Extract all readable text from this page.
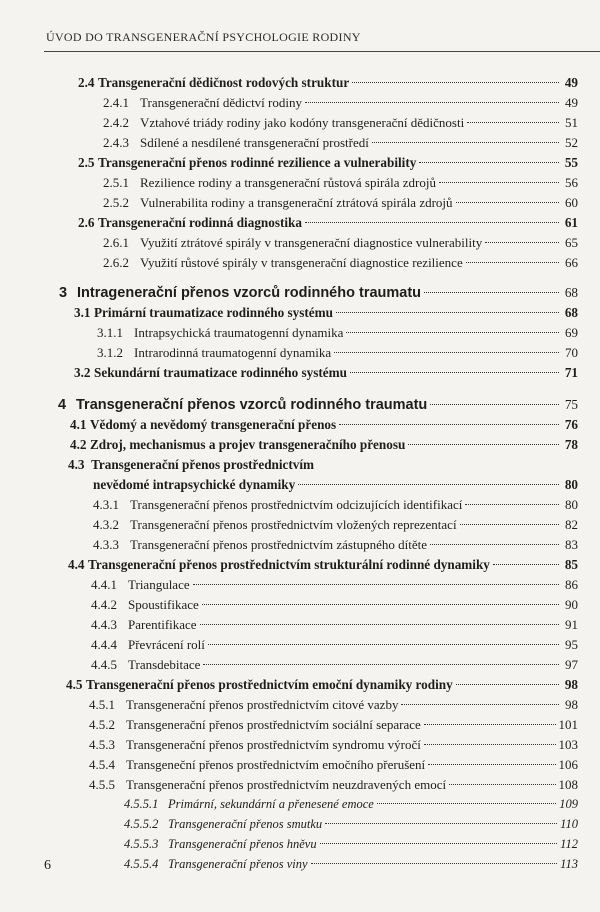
ÚVOD DO TRANSGENERAČNÍ PSYCHOLOGIE RODINY
2.4 Transgenerační dědičnost rodových struktur	49
2.4.1 Transgenerační dědictví rodiny	49
2.4.2 Vztahové triády rodiny jako kodóny transgenerační dědičnosti	51
2.4.3 Sdílené a nesdílené transgenerační prostředí	52
2.5 Transgenerační přenos rodinné rezilience a vulnerability	55
2.5.1 Rezilience rodiny a transgenerační růstová spirála zdrojů	56
2.5.2 Vulnerabilita rodiny a transgenerační ztrátová spirála zdrojů	60
2.6 Transgenerační rodinná diagnostika	61
2.6.1 Využití ztrátové spirály v transgenerační diagnostice vulnerability	65
2.6.2 Využití růstové spirály v transgenerační diagnostice rezilience	66
3 Intragenerační přenos vzorců rodinného traumatu	68
3.1 Primární traumatizace rodinného systému	68
3.1.1 Intrapsychická traumatogenní dynamika	69
3.1.2 Intrarodinná traumatogenní dynamika	70
3.2 Sekundární traumatizace rodinného systému	71
4 Transgenerační přenos vzorců rodinného traumatu	75
4.1 Vědomý a nevědomý transgenerační přenos	76
4.2 Zdroj, mechanismus a projev transgeneračního přenosu	78
4.3 Transgenerační přenos prostřednictvím
nevědomé intrapsychické dynamiky	80
4.3.1 Transgenerační přenos prostřednictvím odcizujících identifikací	80
4.3.2 Transgenerační přenos prostřednictvím vložených reprezentací	82
4.3.3 Transgenerační přenos prostřednictvím zástupného dítěte	83
4.4 Transgenerační přenos prostřednictvím strukturální rodinné dynamiky	85
4.4.1 Triangulace	86
4.4.2 Spoustifikace	90
4.4.3 Parentifikace	91
4.4.4 Převrácení rolí	95
4.4.5 Transdebitace	97
4.5 Transgenerační přenos prostřednictvím emoční dynamiky rodiny	98
4.5.1 Transgenerační přenos prostřednictvím citové vazby	98
4.5.2 Transgenerační přenos prostřednictvím sociální separace	101
4.5.3 Transgenerační přenos prostřednictvím syndromu výročí	103
4.5.4 Transgeneční přenos prostřednictvím emočního přerušení	106
4.5.5 Transgenerační přenos prostřednictvím neuzdravených emocí	108
4.5.5.1 Primární, sekundární a přenesené emoce	109
4.5.5.2 Transgenerační přenos smutku	110
4.5.5.3 Transgenerační přenos hněvu	112
4.5.5.4 Transgenerační přenos viny	113
6
